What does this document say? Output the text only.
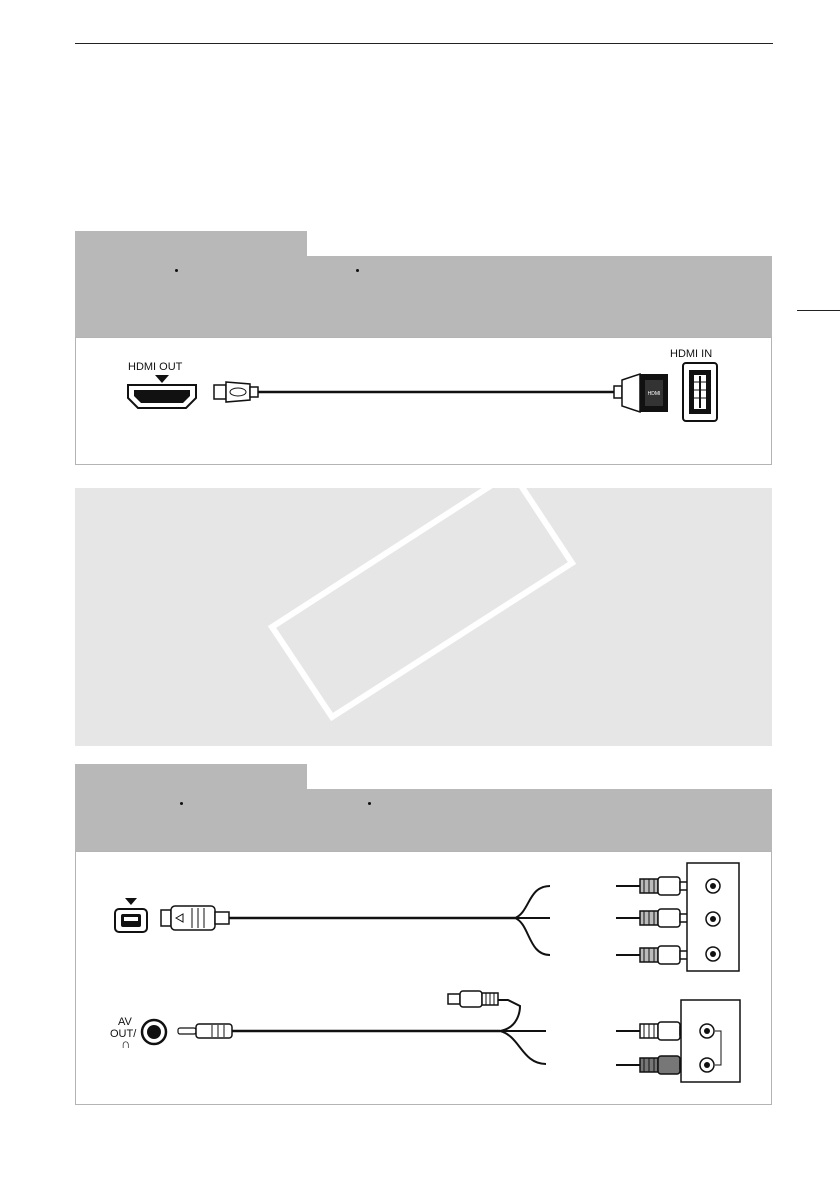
HDMI OUT
HDMI IN
HDMI
AV
OUT/
∩
